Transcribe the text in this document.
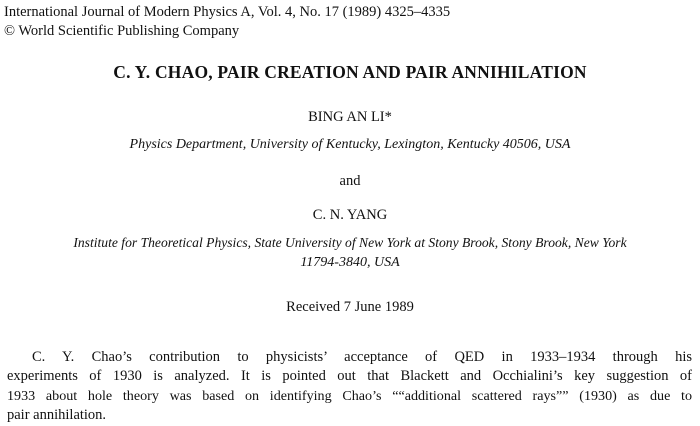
International Journal of Modern Physics A, Vol. 4, No. 17 (1989) 4325–4335
© World Scientific Publishing Company
C. Y. CHAO, PAIR CREATION AND PAIR ANNIHILATION
BING AN LI*
Physics Department, University of Kentucky, Lexington, Kentucky 40506, USA
and
C. N. YANG
Institute for Theoretical Physics, State University of New York at Stony Brook, Stony Brook, New York
11794-3840, USA
Received 7 June 1989
C. Y. Chao’s contribution to physicists’ acceptance of QED in 1933–1934 through his
experiments of 1930 is analyzed. It is pointed out that Blackett and Occhialini’s key suggestion of
1933 about hole theory was based on identifying Chao’s ““additional scattered rays”” (1930) as due to
pair annihilation.
